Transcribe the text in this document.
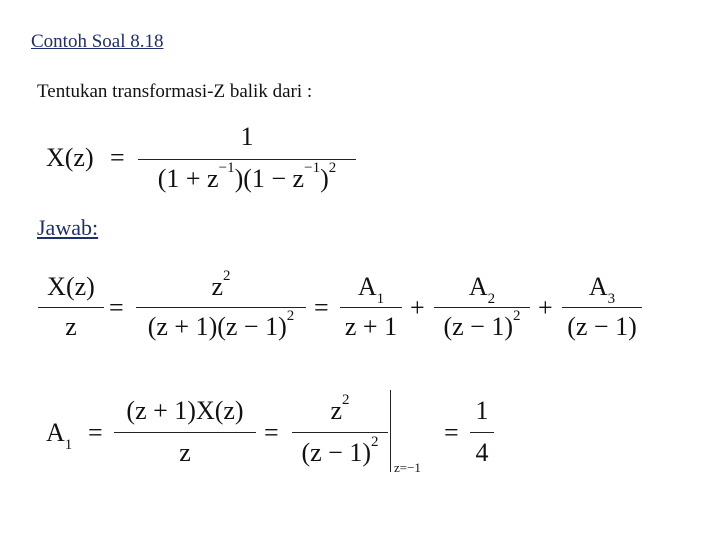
Contoh Soal 8.18
Tentukan transformasi-Z balik dari :
X(z) =
1
$(1 + z^{-1})(1 - z^{-1})^2$
Jawab:
X(z)
z
=
$z^2$
$(z + 1)(z - 1)^2$ =
$A_1$
z + 1
+
$A_2$
$(z - 1)^2$ +
$A_3$
(z − 1)
$A_1$ =
(z + 1)X(z)
z
=
$z^2$
$(z - 1)^2$
z=−1
=
1
4
